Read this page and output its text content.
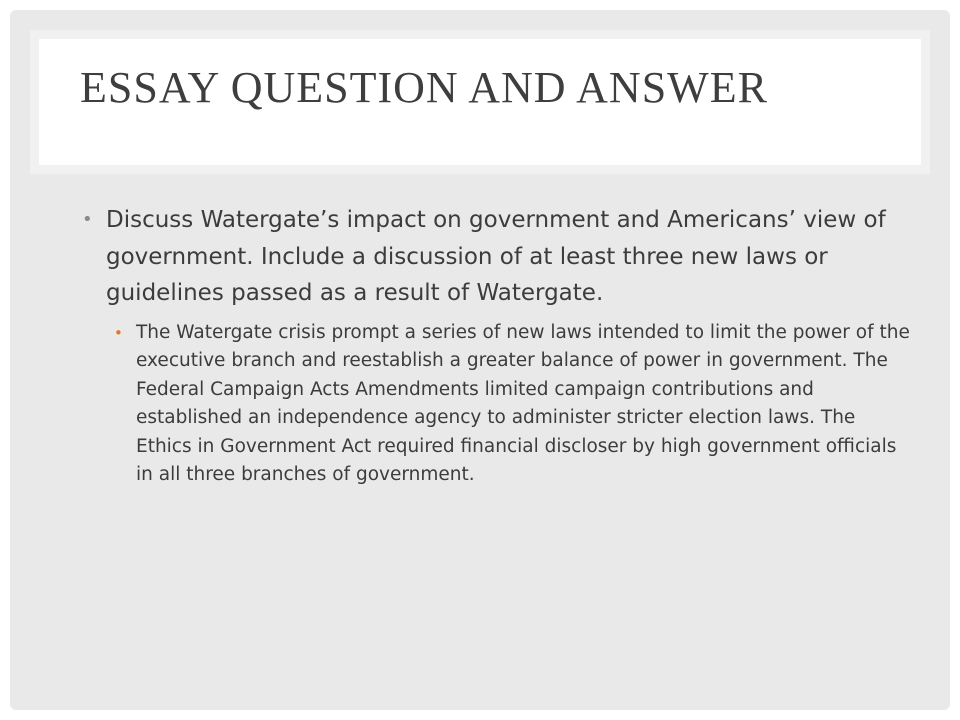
ESSAY QUESTION AND ANSWER
• Discuss Watergate’s impact on government and Americans’ view of government. Include a discussion of at least three new laws or guidelines passed as a result of Watergate.
• The Watergate crisis prompt a series of new laws intended to limit the power of the executive branch and reestablish a greater balance of power in government. The Federal Campaign Acts Amendments limited campaign contributions and established an independence agency to administer stricter election laws. The Ethics in Government Act required financial discloser by high government officials in all three branches of government.
